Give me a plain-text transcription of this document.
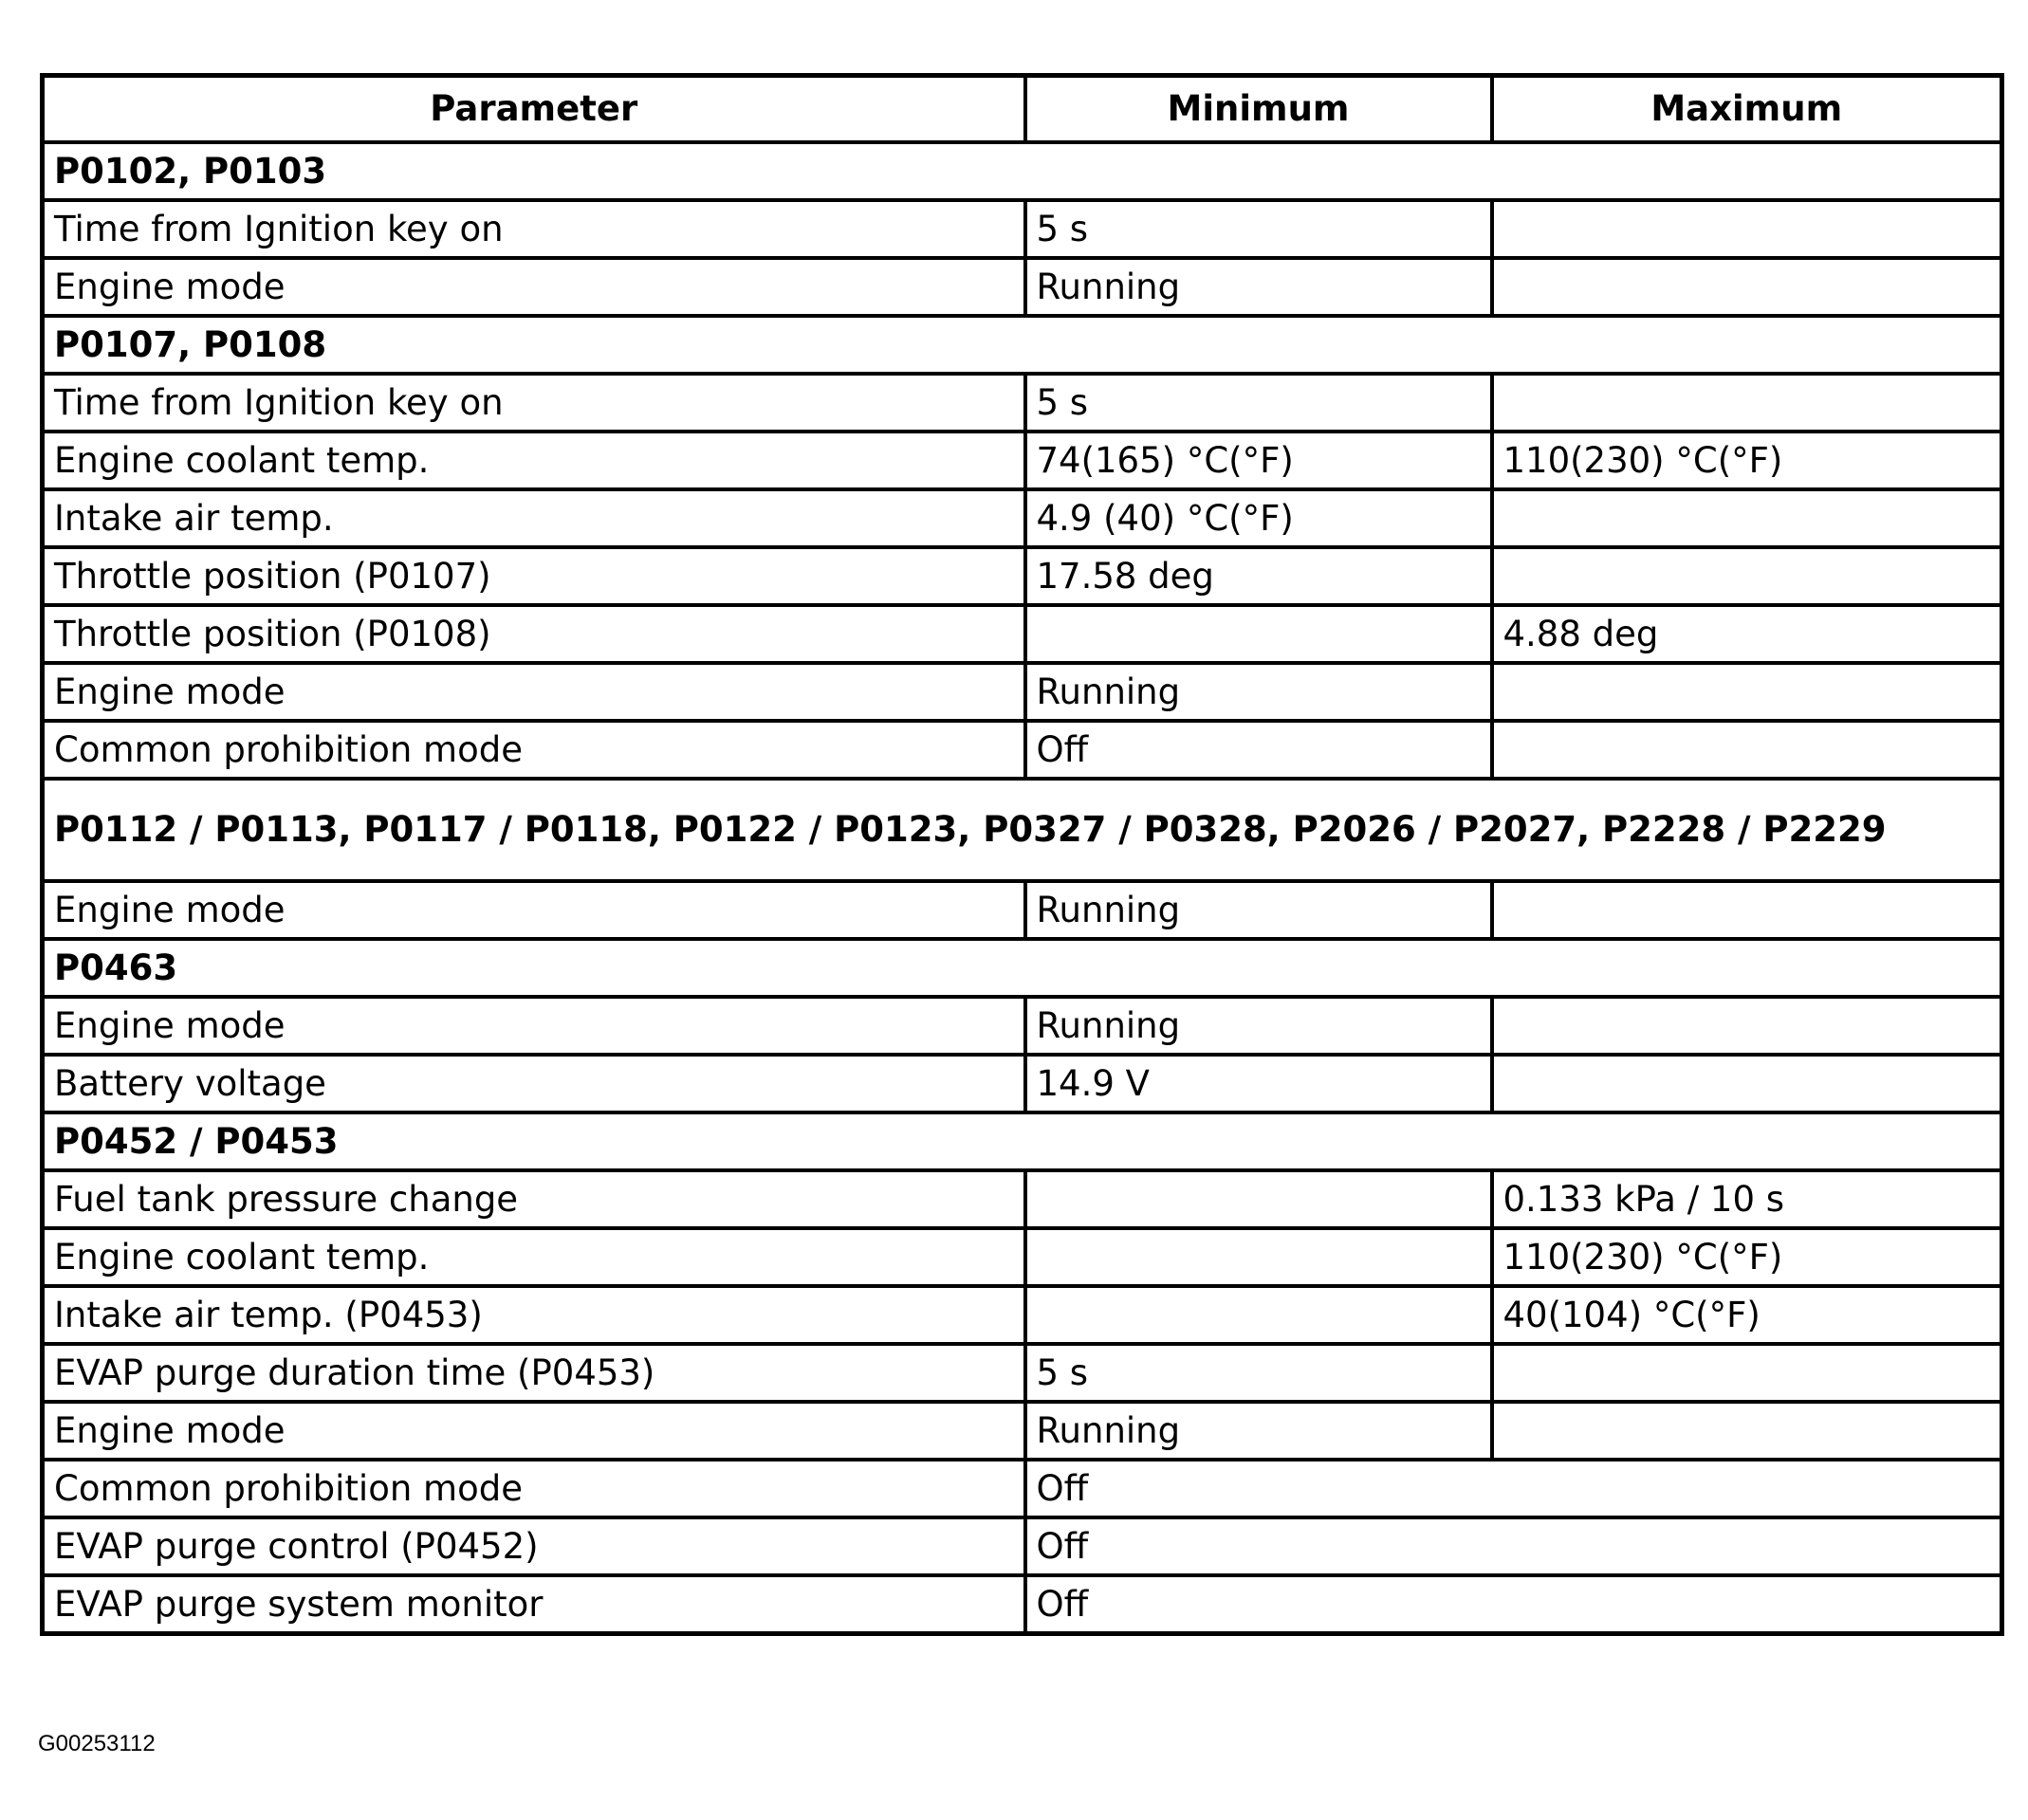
Parameter	Minimum	Maximum
P0102, P0103		
Time from Ignition key on	5 s	
Engine mode	Running	
P0107, P0108		
Time from Ignition key on	5 s	
Engine coolant temp.	74(165) °C(°F)	110(230) °C(°F)
Intake air temp.	4.9 (40) °C(°F)	
Throttle position (P0107)	17.58 deg	
Throttle position (P0108)		4.88 deg
Engine mode	Running	
Common prohibition mode	Off	
P0112 / P0113, P0117 / P0118, P0122 / P0123, P0327 / P0328, P2026 / P2027, P2228 / P2229		
Engine mode	Running	
P0463		
Engine mode	Running	
Battery voltage	14.9 V	
P0452 / P0453		
Fuel tank pressure change		0.133 kPa / 10 s
Engine coolant temp.		110(230) °C(°F)
Intake air temp. (P0453)		40(104) °C(°F)
EVAP purge duration time (P0453)	5 s	
Engine mode	Running	
Common prohibition mode	Off	
EVAP purge control (P0452)	Off	
EVAP purge system monitor	Off	
G00253112
